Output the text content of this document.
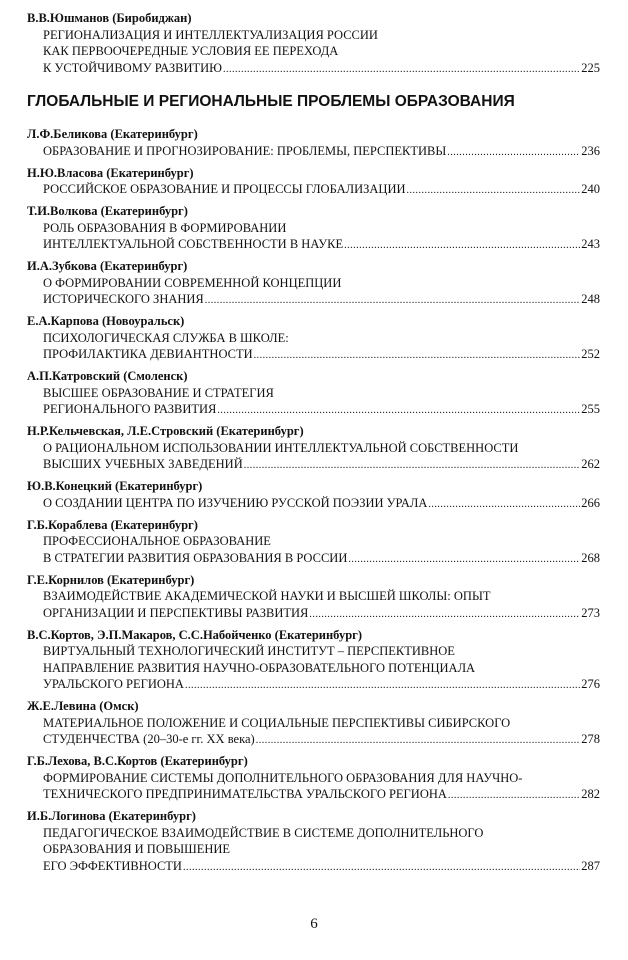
В.В.Юшманов (Биробиджан)
РЕГИОНАЛИЗАЦИЯ И ИНТЕЛЛЕКТУАЛИЗАЦИЯ РОССИИ
КАК ПЕРВООЧЕРЕДНЫЕ УСЛОВИЯ ЕЕ ПЕРЕХОДА
К УСТОЙЧИВОМУ РАЗВИТИЮ .....	225
ГЛОБАЛЬНЫЕ И РЕГИОНАЛЬНЫЕ ПРОБЛЕМЫ ОБРАЗОВАНИЯ
Л.Ф.Беликова (Екатеринбург)
ОБРАЗОВАНИЕ И ПРОГНОЗИРОВАНИЕ: ПРОБЛЕМЫ, ПЕРСПЕКТИВЫ .....	236
Н.Ю.Власова (Екатеринбург)
РОССИЙСКОЕ ОБРАЗОВАНИЕ И ПРОЦЕССЫ ГЛОБАЛИЗАЦИИ .....	240
Т.И.Волкова (Екатеринбург)
РОЛЬ ОБРАЗОВАНИЯ В ФОРМИРОВАНИИ
ИНТЕЛЛЕКТУАЛЬНОЙ СОБСТВЕННОСТИ В НАУКЕ .....	243
И.А.Зубкова (Екатеринбург)
О ФОРМИРОВАНИИ СОВРЕМЕННОЙ КОНЦЕПЦИИ
ИСТОРИЧЕСКОГО ЗНАНИЯ .....	248
Е.А.Карпова (Новоуральск)
ПСИХОЛОГИЧЕСКАЯ СЛУЖБА В ШКОЛЕ:
ПРОФИЛАКТИКА ДЕВИАНТНОСТИ .....	252
А.П.Катровский (Смоленск)
ВЫСШЕЕ ОБРАЗОВАНИЕ И СТРАТЕГИЯ
РЕГИОНАЛЬНОГО РАЗВИТИЯ .....	255
Н.Р.Кельчевская, Л.Е.Стровский (Екатеринбург)
О РАЦИОНАЛЬНОМ ИСПОЛЬЗОВАНИИ ИНТЕЛЛЕКТУАЛЬНОЙ СОБСТВЕННОСТИ
ВЫСШИХ УЧЕБНЫХ ЗАВЕДЕНИЙ .....	262
Ю.В.Конецкий (Екатеринбург)
О СОЗДАНИИ ЦЕНТРА ПО ИЗУЧЕНИЮ РУССКОЙ ПОЭЗИИ УРАЛА .....	266
Г.Б.Кораблева (Екатеринбург)
ПРОФЕССИОНАЛЬНОЕ ОБРАЗОВАНИЕ
В СТРАТЕГИИ РАЗВИТИЯ ОБРАЗОВАНИЯ В РОССИИ .....	268
Г.Е.Корнилов (Екатеринбург)
ВЗАИМОДЕЙСТВИЕ АКАДЕМИЧЕСКОЙ НАУКИ И ВЫСШЕЙ ШКОЛЫ: ОПЫТ
ОРГАНИЗАЦИИ И ПЕРСПЕКТИВЫ РАЗВИТИЯ .....	273
В.С.Кортов, Э.П.Макаров, С.С.Набойченко (Екатеринбург)
ВИРТУАЛЬНЫЙ ТЕХНОЛОГИЧЕСКИЙ ИНСТИТУТ – ПЕРСПЕКТИВНОЕ
НАПРАВЛЕНИЕ РАЗВИТИЯ НАУЧНО-ОБРАЗОВАТЕЛЬНОГО ПОТЕНЦИАЛА
УРАЛЬСКОГО РЕГИОНА .....	276
Ж.Е.Левина (Омск)
МАТЕРИАЛЬНОЕ ПОЛОЖЕНИЕ И СОЦИАЛЬНЫЕ ПЕРСПЕКТИВЫ СИБИРСКОГО
СТУДЕНЧЕСТВА (20–30-е гг. XX века) .....	278
Г.Б.Лехова, В.С.Кортов (Екатеринбург)
ФОРМИРОВАНИЕ СИСТЕМЫ ДОПОЛНИТЕЛЬНОГО ОБРАЗОВАНИЯ ДЛЯ НАУЧНО-
ТЕХНИЧЕСКОГО ПРЕДПРИНИМАТЕЛЬСТВА УРАЛЬСКОГО РЕГИОНА .....	282
И.Б.Логинова (Екатеринбург)
ПЕДАГОГИЧЕСКОЕ ВЗАИМОДЕЙСТВИЕ В СИСТЕМЕ ДОПОЛНИТЕЛЬНОГО
ОБРАЗОВАНИЯ И ПОВЫШЕНИЕ
ЕГО ЭФФЕКТИВНОСТИ .....	287
6
